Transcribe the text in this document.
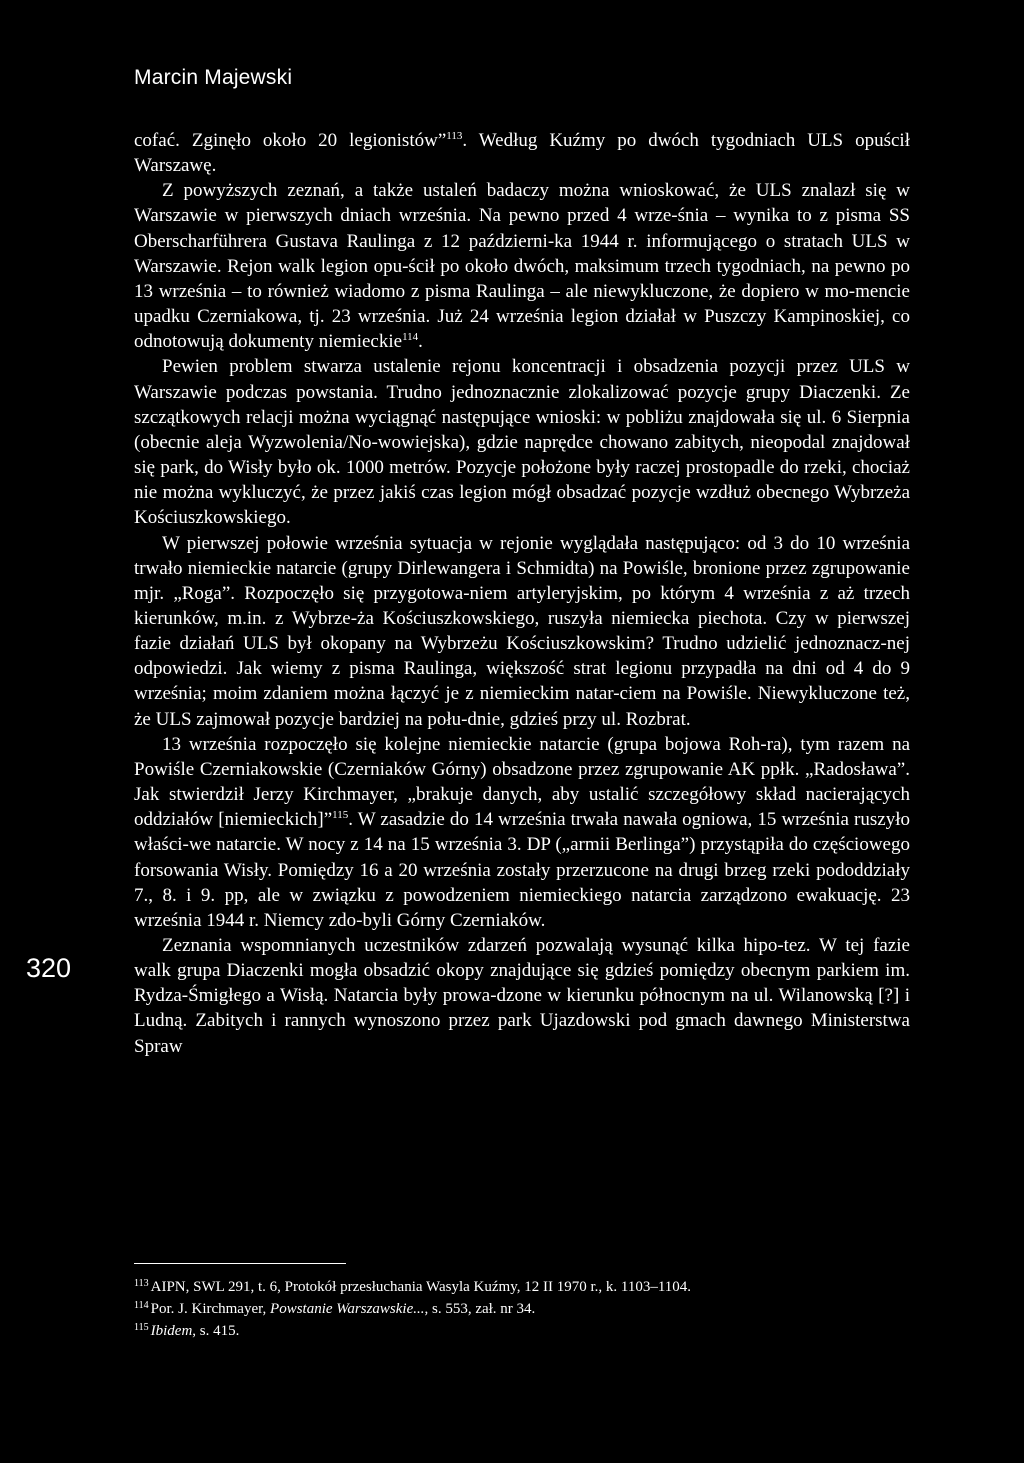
Marcin Majewski
320

cofać. Zginęło około 20 legionistów”$^{113}$. Według Kuźmy po dwóch tygodniach ULS opuścił Warszawę.

Z powyższych zeznań, a także ustaleń badaczy można wnioskować, że ULS znalazł się w Warszawie w pierwszych dniach września. Na pewno przed 4 wrze-śnia – wynika to z pisma SS Oberscharführera Gustava Raulinga z 12 październi-ka 1944 r. informującego o stratach ULS w Warszawie. Rejon walk legion opu-ścił po około dwóch, maksimum trzech tygodniach, na pewno po 13 września – to również wiadomo z pisma Raulinga – ale niewykluczone, że dopiero w mo-mencie upadku Czerniakowa, tj. 23 września. Już 24 września legion działał w Puszczy Kampinoskiej, co odnotowują dokumenty niemieckie$^{114}$.

Pewien problem stwarza ustalenie rejonu koncentracji i obsadzenia pozycji przez ULS w Warszawie podczas powstania. Trudno jednoznacznie zlokalizować pozycje grupy Diaczenki. Ze szczątkowych relacji można wyciągnąć następujące wnioski: w pobliżu znajdowała się ul. 6 Sierpnia (obecnie aleja Wyzwolenia/No-wowiejska), gdzie naprędce chowano zabitych, nieopodal znajdował się park, do Wisły było ok. 1000 metrów. Pozycje położone były raczej prostopadle do rzeki, chociaż nie można wykluczyć, że przez jakiś czas legion mógł obsadzać pozycje wzdłuż obecnego Wybrzeża Kościuszkowskiego.

W pierwszej połowie września sytuacja w rejonie wyglądała następująco: od 3 do 10 września trwało niemieckie natarcie (grupy Dirlewangera i Schmidta) na Powiśle, bronione przez zgrupowanie mjr. „Roga”. Rozpoczęło się przygotowa-niem artyleryjskim, po którym 4 września z aż trzech kierunków, m.in. z Wybrze-ża Kościuszkowskiego, ruszyła niemiecka piechota. Czy w pierwszej fazie działań ULS był okopany na Wybrzeżu Kościuszkowskim? Trudno udzielić jednoznacz-nej odpowiedzi. Jak wiemy z pisma Raulinga, większość strat legionu przypadła na dni od 4 do 9 września; moim zdaniem można łączyć je z niemieckim natar-ciem na Powiśle. Niewykluczone też, że ULS zajmował pozycje bardziej na połu-dnie, gdzieś przy ul. Rozbrat.

13 września rozpoczęło się kolejne niemieckie natarcie (grupa bojowa Roh-ra), tym razem na Powiśle Czerniakowskie (Czerniaków Górny) obsadzone przez zgrupowanie AK ppłk. „Radosława”. Jak stwierdził Jerzy Kirchmayer, „brakuje danych, aby ustalić szczegółowy skład nacierających oddziałów [niemieckich]”$^{115}$. W zasadzie do 14 września trwała nawała ogniowa, 15 września ruszyło właści-we natarcie. W nocy z 14 na 15 września 3. DP („armii Berlinga”) przystąpiła do częściowego forsowania Wisły. Pomiędzy 16 a 20 września zostały przerzucone na drugi brzeg rzeki pododdziały 7., 8. i 9. pp, ale w związku z powodzeniem niemieckiego natarcia zarządzono ewakuację. 23 września 1944 r. Niemcy zdo-byli Górny Czerniaków.

Zeznania wspomnianych uczestników zdarzeń pozwalają wysunąć kilka hipo-tez. W tej fazie walk grupa Diaczenki mogła obsadzić okopy znajdujące się gdzieś pomiędzy obecnym parkiem im. Rydza-Śmigłego a Wisłą. Natarcia były prowa-dzone w kierunku północnym na ul. Wilanowską [?] i Ludną. Zabitych i rannych wynoszono przez park Ujazdowski pod gmach dawnego Ministerstwa Spraw

$^{113}$ AIPN, SWL 291, t. 6, Protokół przesłuchania Wasyla Kuźmy, 12 II 1970 r., k. 1103–1104.
$^{114}$ Por. J. Kirchmayer, Powstanie Warszawskie..., s. 553, zał. nr 34.
$^{115}$ Ibidem, s. 415.
